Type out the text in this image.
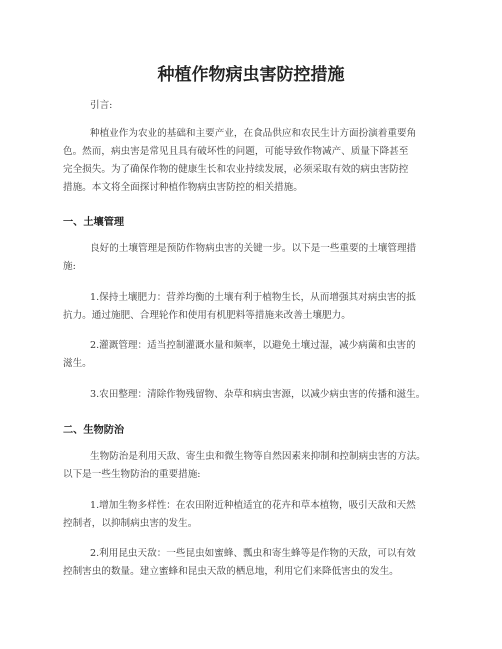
种植作物病虫害防控措施

引言:

种植业作为农业的基础和主要产业，在食品供应和农民生计方面扮演着重要角
色。然而，病虫害是常见且具有破坏性的问题，可能导致作物减产、质量下降甚至
完全损失。为了确保作物的健康生长和农业持续发展，必须采取有效的病虫害防控
措施。本文将全面探讨种植作物病虫害防控的相关措施。

一、土壤管理

良好的土壤管理是预防作物病虫害的关键一步。以下是一些重要的土壤管理措
施:

1.保持土壤肥力：营养均衡的土壤有利于植物生长，从而增强其对病虫害的抵
抗力。通过施肥、合理轮作和使用有机肥料等措施来改善土壤肥力。

2.灌溉管理：适当控制灌溉水量和频率，以避免土壤过湿，减少病菌和虫害的
滋生。

3.农田整理：清除作物残留物、杂草和病虫害源，以减少病虫害的传播和滋生。

二、生物防治

生物防治是利用天敌、寄生虫和微生物等自然因素来抑制和控制病虫害的方法。
以下是一些生物防治的重要措施:

1.增加生物多样性：在农田附近种植适宜的花卉和草本植物，吸引天敌和天然
控制者，以抑制病虫害的发生。

2.利用昆虫天敌：一些昆虫如蜜蜂、瓢虫和寄生蜂等是作物的天敌，可以有效
控制害虫的数量。建立蜜蜂和昆虫天敌的栖息地，利用它们来降低害虫的发生。
